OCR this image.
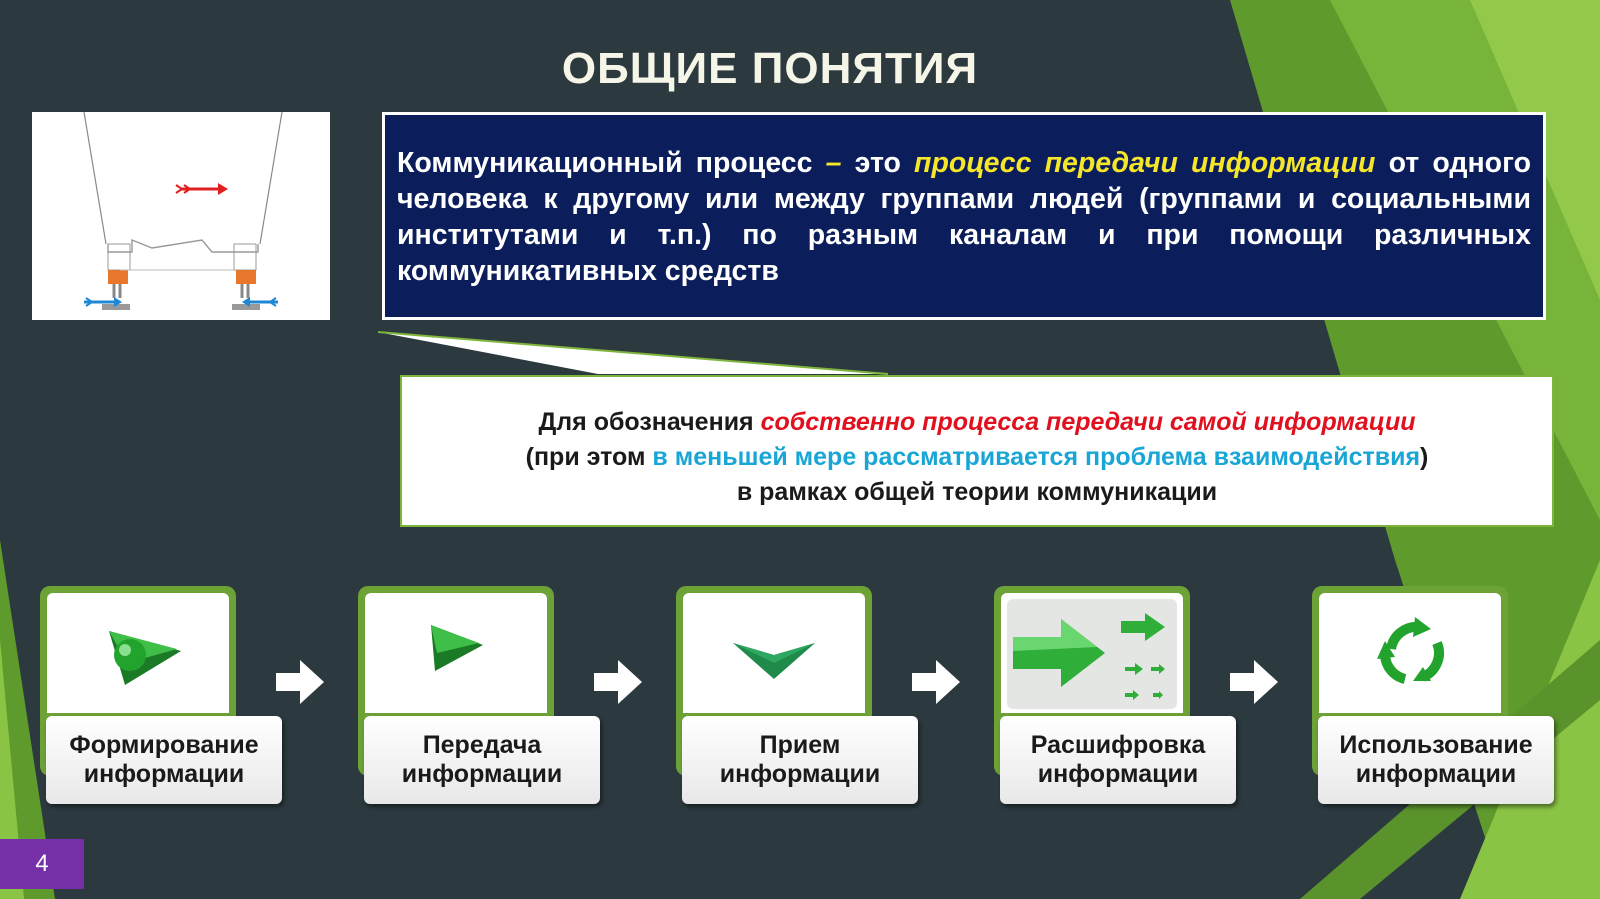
ОБЩИЕ ПОНЯТИЯ

Коммуникационный процесс – это процесс передачи информации от одного человека к другому или между группами людей (группами и социальными институтами и т.п.) по разным каналам и при помощи различных коммуникативных средств

Для обозначения собственно процесса передачи самой информации

(при этом в меньшей мере рассматривается проблема взаимодействия)

в рамках общей теории коммуникации

Формирование
информации
Передача
информации
Прием
информации
Расшифровка
информации
Использование
информации
4
